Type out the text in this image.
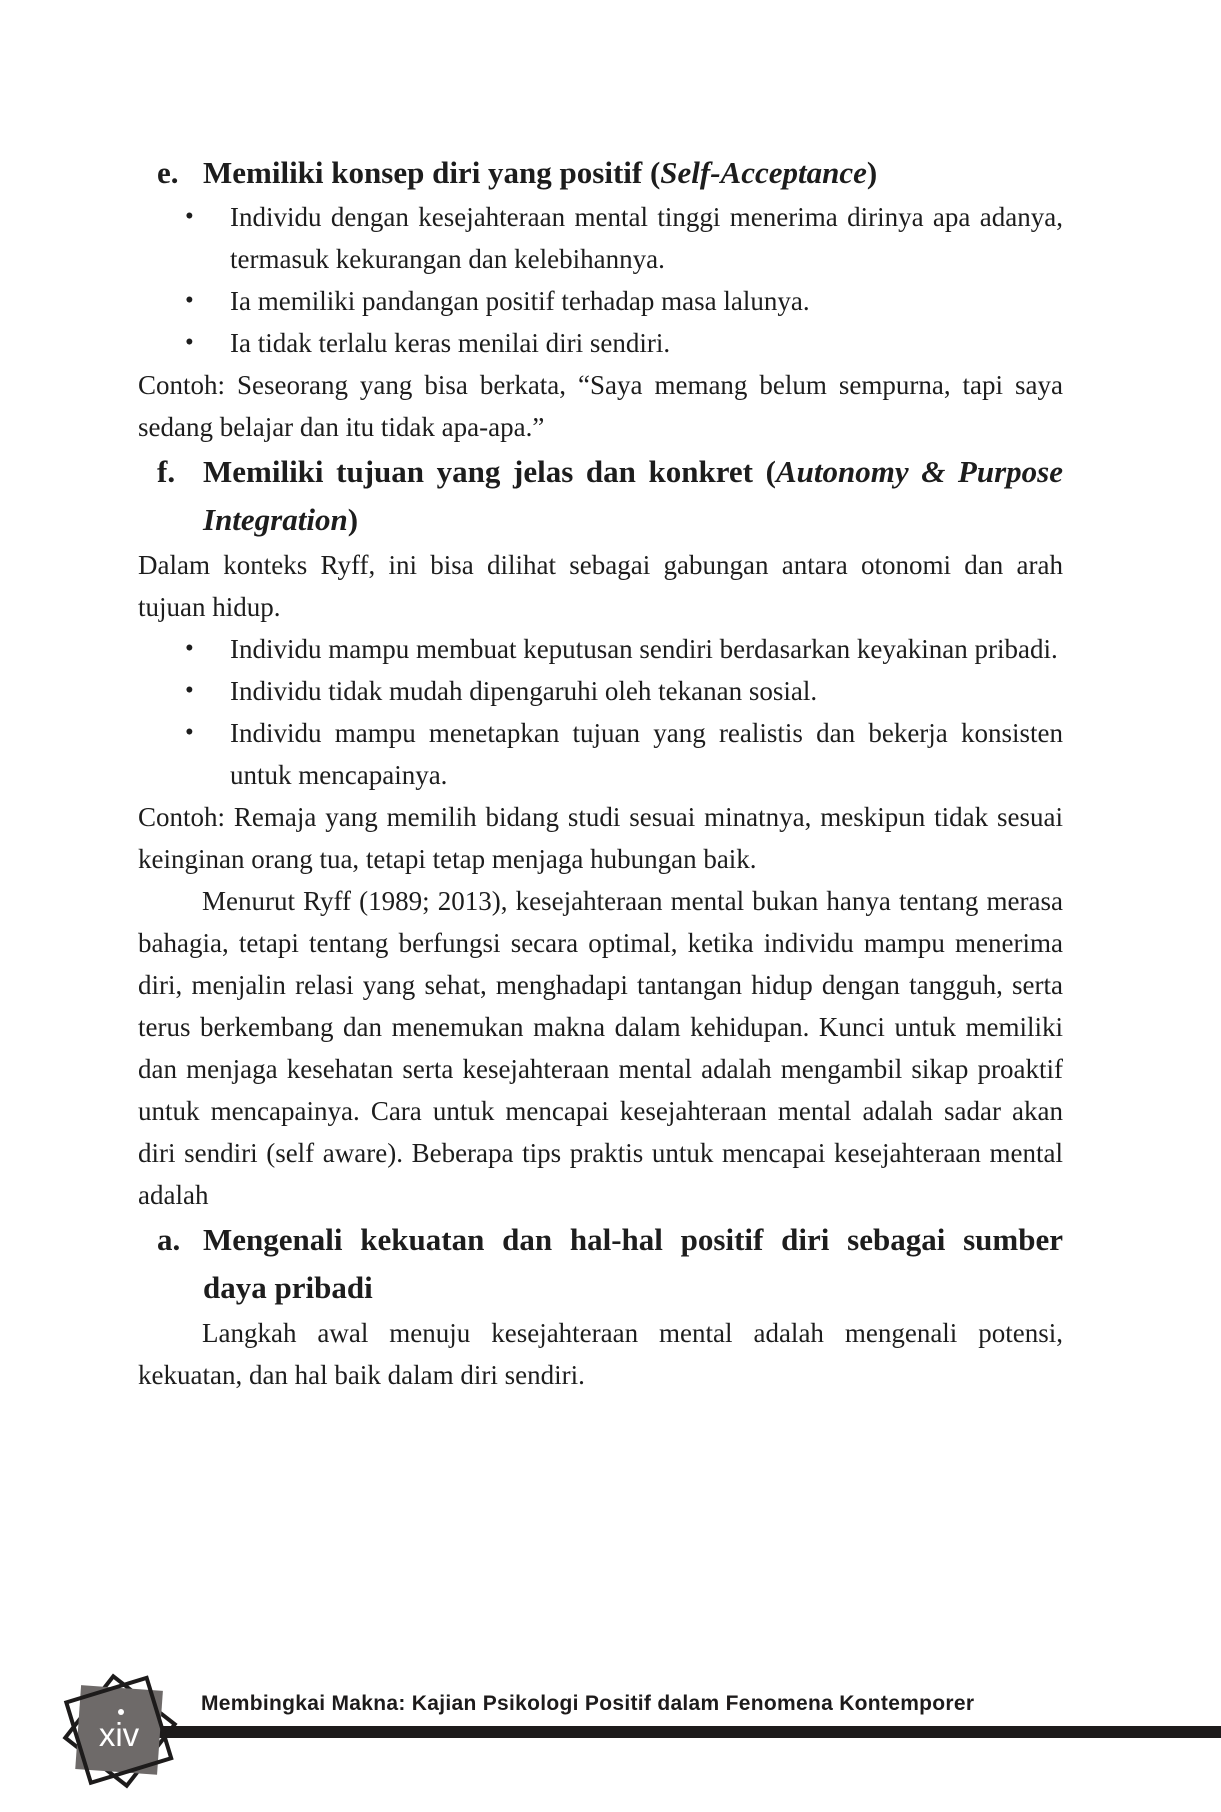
e. Memiliki konsep diri yang positif (Self-Acceptance)
•	Individu dengan kesejahteraan mental tinggi menerima dirinya apa adanya, termasuk kekurangan dan kelebihannya.
•	Ia memiliki pandangan positif terhadap masa lalunya.
•	Ia tidak terlalu keras menilai diri sendiri.

Contoh: Seseorang yang bisa berkata, “Saya memang belum sempurna, tapi saya sedang belajar dan itu tidak apa-apa.”

f. Memiliki tujuan yang jelas dan konkret (Autonomy & Purpose Integration)

Dalam konteks Ryff, ini bisa dilihat sebagai gabungan antara otonomi dan arah tujuan hidup.

•	Individu mampu membuat keputusan sendiri berdasarkan keyakinan pribadi.
•	Individu tidak mudah dipengaruhi oleh tekanan sosial.
•	Individu mampu menetapkan tujuan yang realistis dan bekerja konsisten untuk mencapainya.

Contoh: Remaja yang memilih bidang studi sesuai minatnya, meskipun tidak sesuai keinginan orang tua, tetapi tetap menjaga hubungan baik.

Menurut Ryff (1989; 2013), kesejahteraan mental bukan hanya tentang merasa bahagia, tetapi tentang berfungsi secara optimal, ketika individu mampu menerima diri, menjalin relasi yang sehat, menghadapi tantangan hidup dengan tangguh, serta terus berkembang dan menemukan makna dalam kehidupan. Kunci untuk memiliki dan menjaga kesehatan serta kesejahteraan mental adalah mengambil sikap proaktif untuk mencapainya. Cara untuk mencapai kesejahteraan mental adalah sadar akan diri sendiri (self aware). Beberapa tips praktis untuk mencapai kesejahteraan mental adalah

a. Mengenali kekuatan dan hal-hal positif diri sebagai sumber daya pribadi

Langkah awal menuju kesejahteraan mental adalah mengenali potensi, kekuatan, dan hal baik dalam diri sendiri.

Membingkai Makna: Kajian Psikologi Positif dalam Fenomena Kontemporer
xiv
